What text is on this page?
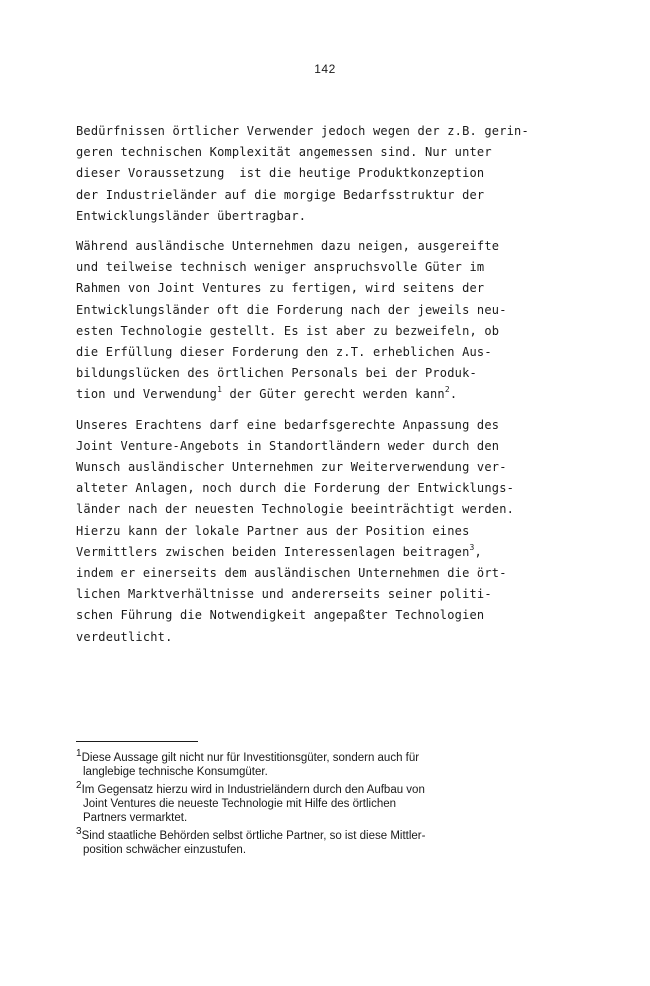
142
Bedürfnissen örtlicher Verwender jedoch wegen der z.B. gerin-
geren technischen Komplexität angemessen sind. Nur unter
dieser Voraussetzung  ist die heutige Produktkonzeption
der Industrieländer auf die morgige Bedarfsstruktur der
Entwicklungsländer übertragbar.
Während ausländische Unternehmen dazu neigen, ausgereifte
und teilweise technisch weniger anspruchsvolle Güter im
Rahmen von Joint Ventures zu fertigen, wird seitens der
Entwicklungsländer oft die Forderung nach der jeweils neu-
esten Technologie gestellt. Es ist aber zu bezweifeln, ob
die Erfüllung dieser Forderung den z.T. erheblichen Aus-
bildungslücken des örtlichen Personals bei der Produk-
tion und Verwendung$^1$ der Güter gerecht werden kann$^2$.
Unseres Erachtens darf eine bedarfsgerechte Anpassung des
Joint Venture-Angebots in Standortländern weder durch den
Wunsch ausländischer Unternehmen zur Weiterverwendung ver-
alteter Anlagen, noch durch die Forderung der Entwicklungs-
länder nach der neuesten Technologie beeinträchtigt werden.
Hierzu kann der lokale Partner aus der Position eines
Vermittlers zwischen beiden Interessenlagen beitragen$^3$,
indem er einerseits dem ausländischen Unternehmen die ört-
lichen Marktverhältnisse und andererseits seiner politi-
schen Führung die Notwendigkeit angepaßter Technologien
verdeutlicht.
1Diese Aussage gilt nicht nur für Investitionsgüter, sondern auch für
langlebige technische Konsumgüter.
2Im Gegensatz hierzu wird in Industrieländern durch den Aufbau von
Joint Ventures die neueste Technologie mit Hilfe des örtlichen
Partners vermarktet.
3Sind staatliche Behörden selbst örtliche Partner, so ist diese Mittler-
position schwächer einzustufen.
